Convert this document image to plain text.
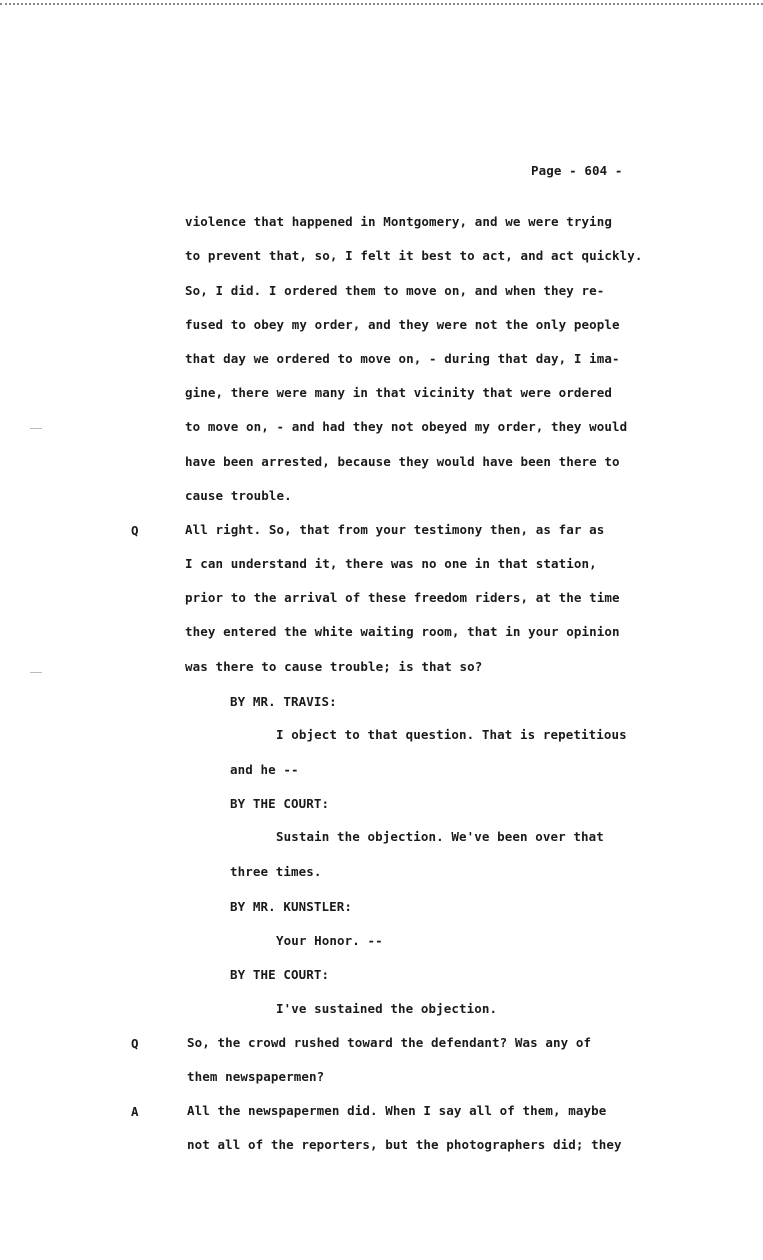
Page - 604 -
violence that happened in Montgomery, and we were trying
to prevent that, so, I felt it best to act, and act quickly.
So, I did. I ordered them to move on, and when they re-
fused to obey my order, and they were not the only people
that day we ordered to move on, - during that day, I ima-
gine, there were many in that vicinity that were ordered
to move on, - and had they not obeyed my order, they would
have been arrested, because they would have been there to
cause trouble.
Q	All right. So, that from your testimony then, as far as
I can understand it, there was no one in that station,
prior to the arrival of these freedom riders, at the time
they entered the white waiting room, that in your opinion
was there to cause trouble; is that so?
BY MR. TRAVIS:
I object to that question. That is repetitious
and he --
BY THE COURT:
Sustain the objection. We've been over that
three times.
BY MR. KUNSTLER:
Your Honor. --
BY THE COURT:
I've sustained the objection.
Q	So, the crowd rushed toward the defendant? Was any of
them newspapermen?
A	All the newspapermen did. When I say all of them, maybe
not all of the reporters, but the photographers did; they
